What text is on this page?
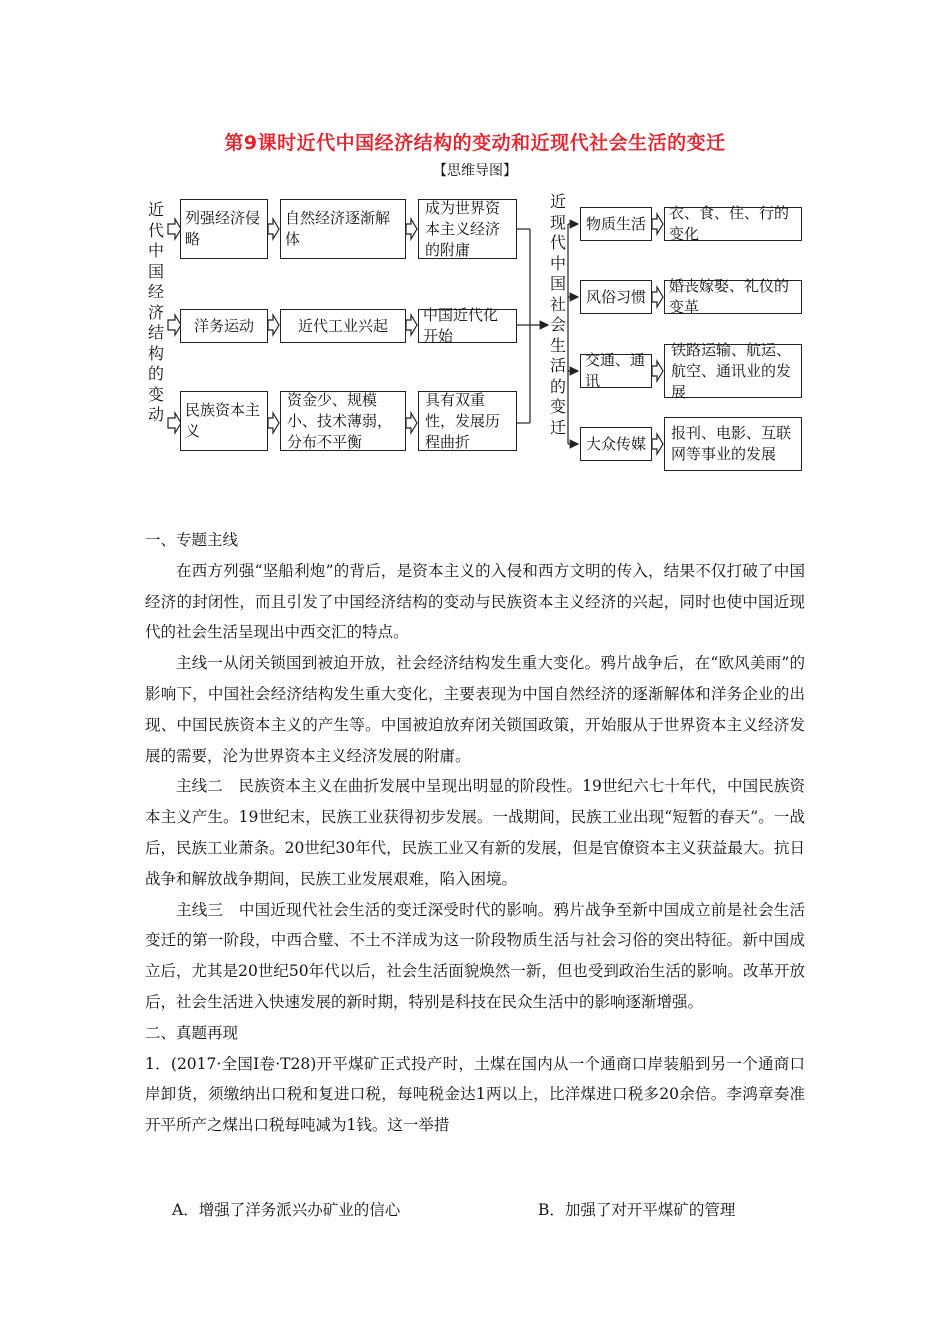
第9课时近代中国经济结构的变动和近现代社会生活的变迁
【思维导图】
近代中国经济结构的变动
近现代中国社会生活的变迁
列强经济侵略
自然经济逐渐解体
成为世界资本主义经济的附庸
洋务运动	近代工业兴起
中国近代化开始
民族资本主义
资金少、规模小、技术薄弱，分布不平衡
具有双重性，发展历程曲折
物质生活
衣、食、住、行的变化
风俗习惯
婚丧嫁娶、礼仪的变革
交通、通讯
铁路运输、航运、航空、通讯业的发展
大众传媒
报刊、电影、互联网等事业的发展

一、专题主线

在西方列强“坚船利炮”的背后，是资本主义的入侵和西方文明的传入，结果不仅打破了中国经济的封闭性，而且引发了中国经济结构的变动与民族资本主义经济的兴起，同时也使中国近现代的社会生活呈现出中西交汇的特点。

主线一从闭关锁国到被迫开放，社会经济结构发生重大变化。鸦片战争后，在“欧风美雨”的影响下，中国社会经济结构发生重大变化，主要表现为中国自然经济的逐渐解体和洋务企业的出现、中国民族资本主义的产生等。中国被迫放弃闭关锁国政策，开始服从于世界资本主义经济发展的需要，沦为世界资本主义经济发展的附庸。

主线二　民族资本主义在曲折发展中呈现出明显的阶段性。19世纪六七十年代，中国民族资本主义产生。19世纪末，民族工业获得初步发展。一战期间，民族工业出现“短暂的春天”。一战后，民族工业萧条。20世纪30年代，民族工业又有新的发展，但是官僚资本主义获益最大。抗日战争和解放战争期间，民族工业发展艰难，陷入困境。

主线三　中国近现代社会生活的变迁深受时代的影响。鸦片战争至新中国成立前是社会生活变迁的第一阶段，中西合璧、不土不洋成为这一阶段物质生活与社会习俗的突出特征。新中国成立后，尤其是20世纪50年代以后，社会生活面貌焕然一新，但也受到政治生活的影响。改革开放后，社会生活进入快速发展的新时期，特别是科技在民众生活中的影响逐渐增强。

二、真题再现

1．(2017·全国Ⅰ卷·T28)开平煤矿正式投产时，土煤在国内从一个通商口岸装船到另一个通商口岸卸货，须缴纳出口税和复进口税，每吨税金达1两以上，比洋煤进口税多20余倍。李鸿章奏准开平所产之煤出口税每吨减为1钱。这一举措

A．增强了洋务派兴办矿业的信心	B．加强了对开平煤矿的管理
